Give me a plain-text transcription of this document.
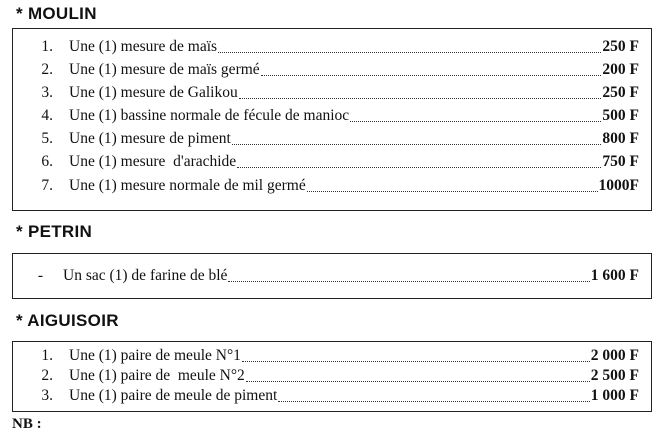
* MOULIN
1.	Une (1) mesure de maïs	250 F
2.	Une (1) mesure de maïs germé	200 F
3.	Une (1) mesure de Galikou	250 F
4.	Une (1) bassine normale de fécule de manioc	500 F
5.	Une (1) mesure de piment	800 F
6.	Une (1) mesure  d'arachide	750 F
7.	Une (1) mesure normale de mil germé	1000F
* PETRIN
-	Un sac (1) de farine de blé	1 600 F
* AIGUISOIR
1.	Une (1) paire de meule N°1	2 000 F
2.	Une (1) paire de  meule N°2	2 500 F
3.	Une (1) paire de meule de piment	1 000 F
NB :
